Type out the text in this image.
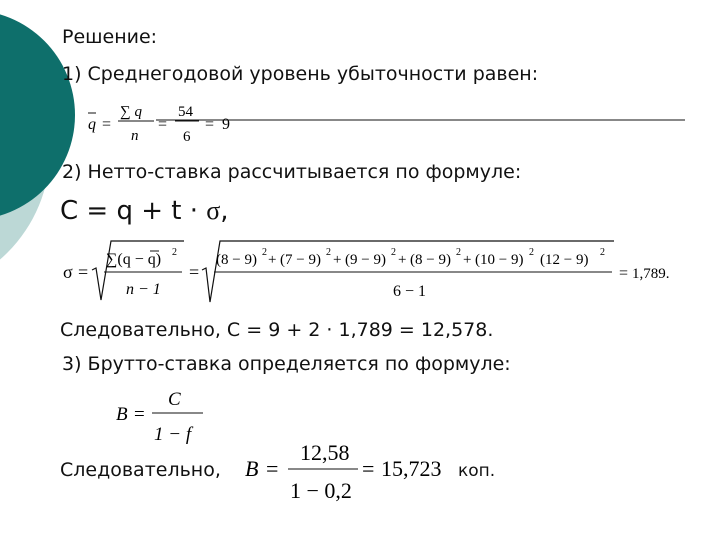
Решение:
1) Среднегодовой уровень убыточности равен:
q =
∑ q
n
=
54
6
= 9
2) Нетто-ставка рассчитывается по формуле:
C = q + t · σ,
σ =
∑(q − q) 2
n − 1
=
(8 − 9) 2 + (7 − 9) 2 + (9 − 9) 2 + (8 − 9) 2 + (10 − 9) 2 (12 − 9) 2
6 − 1
= 1,789.
Следовательно, С = 9 + 2 · 1,789 = 12,578.
3) Брутто-ставка определяется по формуле:
B =
C
1 − f
Следовательно, B =
12,58
1 − 0,2
= 15,723 коп.
